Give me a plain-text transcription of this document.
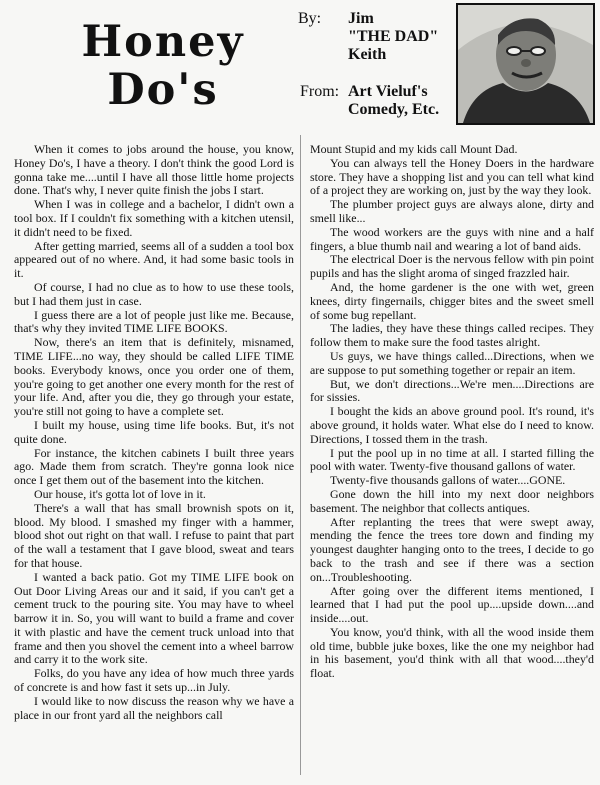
Honey
Do's
By: Jim
"THE DAD"
Keith
From: Art Vieluf's
Comedy, Etc.

When it comes to jobs around the house, you know, Honey Do's, I have a theory. I don't think the good Lord is gonna take me....until I have all those little home projects done. That's why, I never quite finish the jobs I start.

When I was in college and a bachelor, I didn't own a tool box. If I couldn't fix something with a kitchen utensil, it didn't need to be fixed.

After getting married, seems all of a sudden a tool box appeared out of no where. And, it had some basic tools in it.

Of course, I had no clue as to how to use these tools, but I had them just in case.

I guess there are a lot of people just like me. Because, that's why they invited TIME LIFE BOOKS.

Now, there's an item that is definitely, misnamed, TIME LIFE...no way, they should be called LIFE TIME books. Everybody knows, once you order one of them, you're going to get another one every month for the rest of your life. And, after you die, they go through your estate, you're still not going to have a complete set.

I built my house, using time life books. But, it's not quite done.

For instance, the kitchen cabinets I built three years ago. Made them from scratch. They're gonna look nice once I get them out of the basement into the kitchen.

Our house, it's gotta lot of love in it.

There's a wall that has small brownish spots on it, blood. My blood. I smashed my finger with a hammer, blood shot out right on that wall. I refuse to paint that part of the wall a testament that I gave blood, sweat and tears for that house.

I wanted a back patio. Got my TIME LIFE book on Out Door Living Areas our and it said, if you can't get a cement truck to the pouring site. You may have to wheel barrow it in. So, you will want to build a frame and cover it with plastic and have the cement truck unload into that frame and then you shovel the cement into a wheel barrow and carry it to the work site.

Folks, do you have any idea of how much three yards of concrete is and how fast it sets up...in July.

I would like to now discuss the reason why we have a place in our front yard all the neighbors call

Mount Stupid and my kids call Mount Dad.

You can always tell the Honey Doers in the hardware store. They have a shopping list and you can tell what kind of a project they are working on, just by the way they look.

The plumber project guys are always alone, dirty and smell like...

The wood workers are the guys with nine and a half fingers, a blue thumb nail and wearing a lot of band aids.

The electrical Doer is the nervous fellow with pin point pupils and has the slight aroma of singed frazzled hair.

And, the home gardener is the one with wet, green knees, dirty fingernails, chigger bites and the sweet smell of some bug repellant.

The ladies, they have these things called recipes. They follow them to make sure the food tastes alright.

Us guys, we have things called...Directions, when we are suppose to put something together or repair an item.

But, we don't directions...We're men....Directions are for sissies.

I bought the kids an above ground pool. It's round, it's above ground, it holds water. What else do I need to know. Directions, I tossed them in the trash.

I put the pool up in no time at all. I started filling the pool with water. Twenty-five thousand gallons of water.

Twenty-five thousands gallons of water....GONE.

Gone down the hill into my next door neighbors basement. The neighbor that collects antiques.

After replanting the trees that were swept away, mending the fence the trees tore down and finding my youngest daughter hanging onto to the trees, I decide to go back to the trash and see if there was a section on...Troubleshooting.

After going over the different items mentioned, I learned that I had put the pool up....upside down....and inside....out.

You know, you'd think, with all the wood inside them old time, bubble juke boxes, like the one my neighbor had in his basement, you'd think with all that wood....they'd float.
